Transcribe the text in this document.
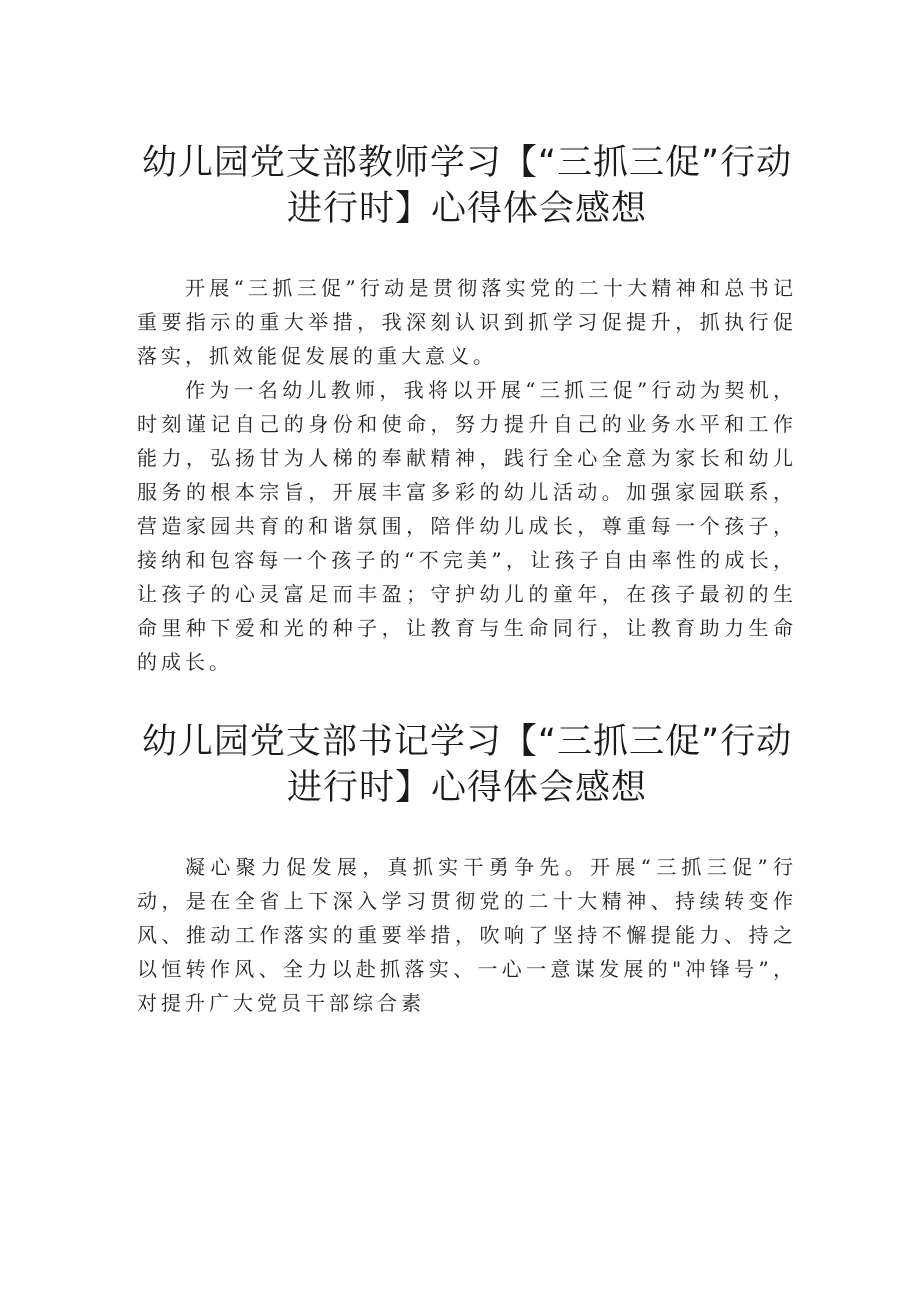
幼儿园党支部教师学习【“三抓三促”行动进行时】心得体会感想

开展“三抓三促”行动是贯彻落实党的二十大精神和总书记重要指示的重大举措，我深刻认识到抓学习促提升，抓执行促落实，抓效能促发展的重大意义。

作为一名幼儿教师，我将以开展“三抓三促”行动为契机，时刻谨记自己的身份和使命，努力提升自己的业务水平和工作能力，弘扬甘为人梯的奉献精神，践行全心全意为家长和幼儿服务的根本宗旨，开展丰富多彩的幼儿活动。加强家园联系，营造家园共育的和谐氛围，陪伴幼儿成长，尊重每一个孩子，接纳和包容每一个孩子的“不完美”，让孩子自由率性的成长，让孩子的心灵富足而丰盈；守护幼儿的童年，在孩子最初的生命里种下爱和光的种子，让教育与生命同行，让教育助力生命的成长。

幼儿园党支部书记学习【“三抓三促”行动进行时】心得体会感想

凝心聚力促发展，真抓实干勇争先。开展“三抓三促”行动，是在全省上下深入学习贯彻党的二十大精神、持续转变作风、推动工作落实的重要举措，吹响了坚持不懈提能力、持之以恒转作风、全力以赴抓落实、一心一意谋发展的"冲锋号”，对提升广大党员干部综合素
